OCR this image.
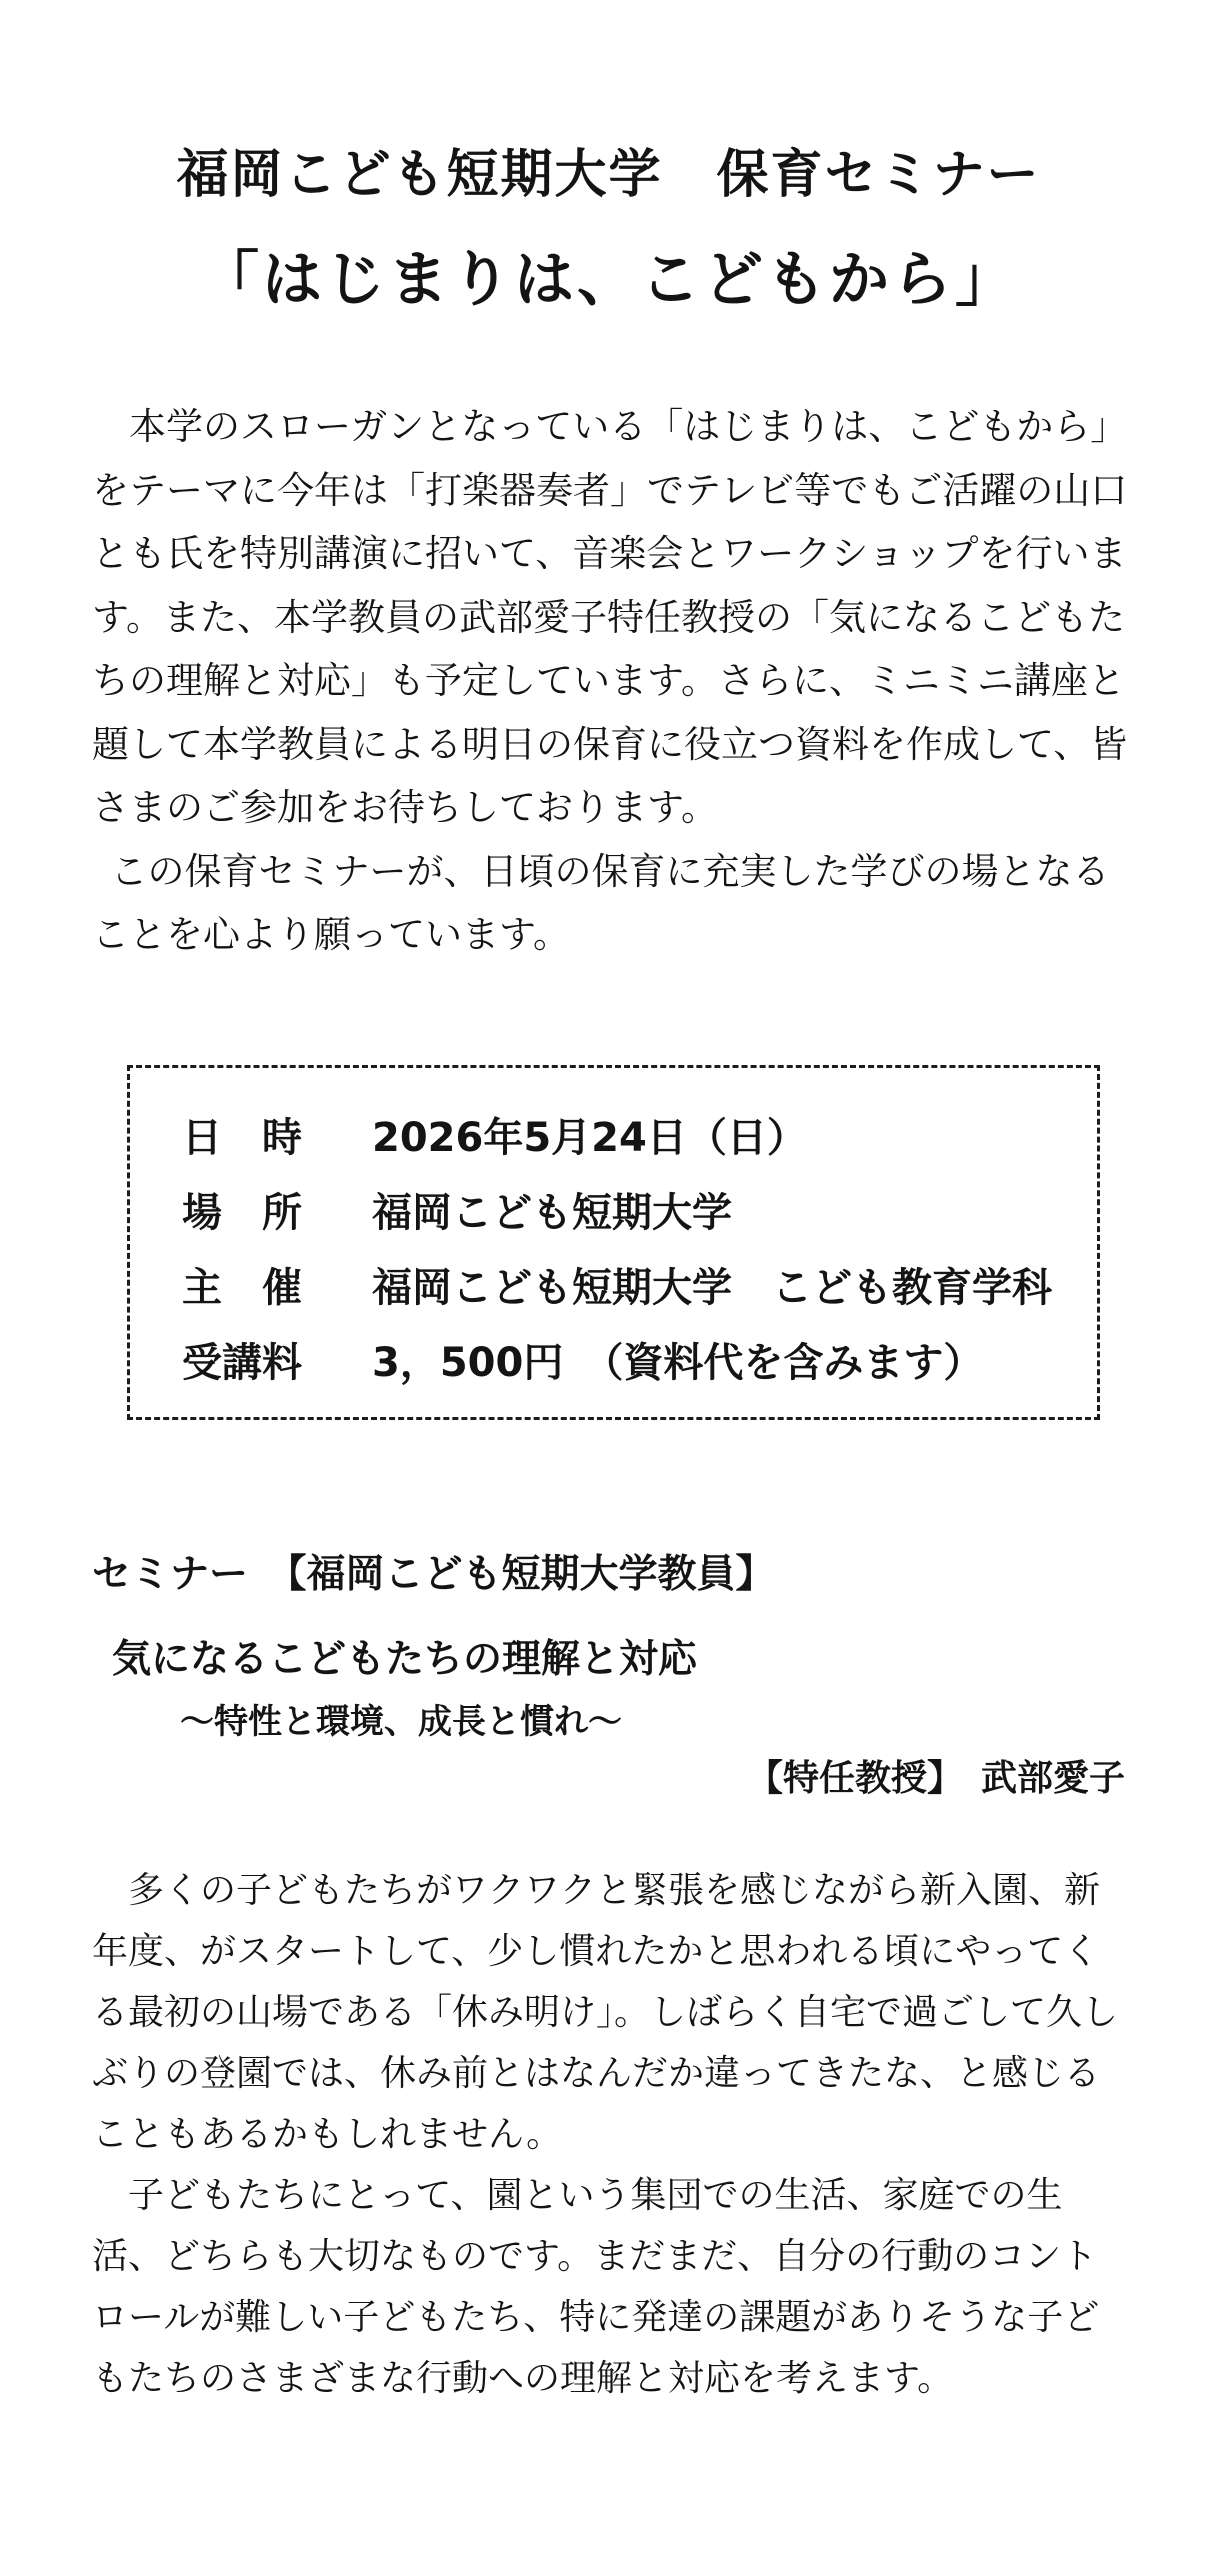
福岡こども短期大学　保育セミナー
「はじまりは、こどもから」

本学のスローガンとなっている「はじまりは、こどもから」をテーマに今年は「打楽器奏者」でテレビ等でもご活躍の山口とも氏を特別講演に招いて、音楽会とワークショップを行います。また、本学教員の武部愛子特任教授の「気になるこどもたちの理解と対応」も予定しています。さらに、ミニミニ講座と題して本学教員による明日の保育に役立つ資料を作成して、皆さまのご参加をお待ちしております。

この保育セミナーが、日頃の保育に充実した学びの場となることを心より願っています。

日　時 2026年5月24日（日）
場　所 福岡こども短期大学
主　催 福岡こども短期大学　こども教育学科
受講料 3，500円　（資料代を含みます）
セミナー　【福岡こども短期大学教員】
気になるこどもたちの理解と対応
～特性と環境、成長と慣れ～
【特任教授】　武部愛子

多くの子どもたちがワクワクと緊張を感じながら新入園、新年度、がスタートして、少し慣れたかと思われる頃にやってくる最初の山場である「休み明け」。しばらく自宅で過ごして久しぶりの登園では、休み前とはなんだか違ってきたな、と感じることもあるかもしれません。

子どもたちにとって、園という集団での生活、家庭での生活、どちらも大切なものです。まだまだ、自分の行動のコントロールが難しい子どもたち、特に発達の課題がありそうな子どもたちのさまざまな行動への理解と対応を考えます。
